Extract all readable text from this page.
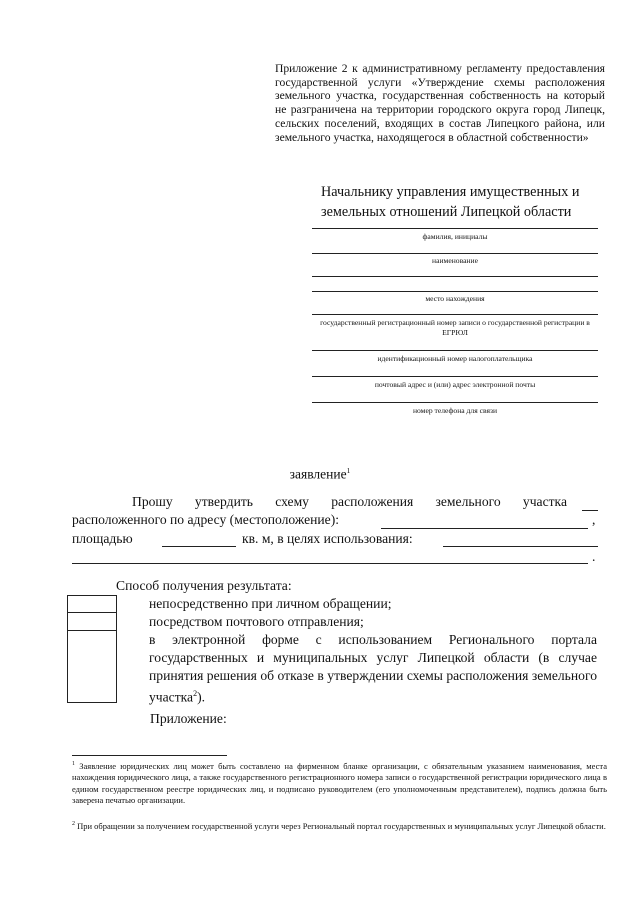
Приложение 2 к административному регламенту предоставления государственной услуги «Утверждение схемы расположения земельного участка, государственная собственность на который не разграничена на территории городского округа город Липецк, сельских поселений, входящих в состав Липецкого района, или земельного участка, находящегося в областной собственности»
Начальнику управления имущественных и земельных отношений Липецкой области
фамилия, инициалы
наименование
место нахождения
государственный регистрационный номер записи о государственной регистрации в ЕГРЮЛ
идентификационный номер налогоплательщика
почтовый адрес и (или) адрес электронной почты
номер телефона для связи
заявление$^1$
Прошу утвердить схему расположения земельного участка
расположенного по адресу (местоположение):	,
площадью	кв. м, в целях использования:
.
Способ получения результата:
непосредственно при личном обращении;
посредством почтового отправления;
в электронной форме с использованием Регионального портала государственных и муниципальных услуг Липецкой области (в случае принятия решения об отказе в утверждении схемы расположения земельного участка$^2$).
Приложение:
$^1$ Заявление юридических лиц может быть составлено на фирменном бланке организации, с обязательным указанием наименования, места нахождения юридического лица, а также государственного регистрационного номера записи о государственной регистрации юридического лица в едином государственном реестре юридических лиц, и подписано руководителем (его уполномоченным представителем), подпись должна быть заверена печатью организации.
$^2$ При обращении за получением государственной услуги через Региональный портал государственных и муниципальных услуг Липецкой области.
